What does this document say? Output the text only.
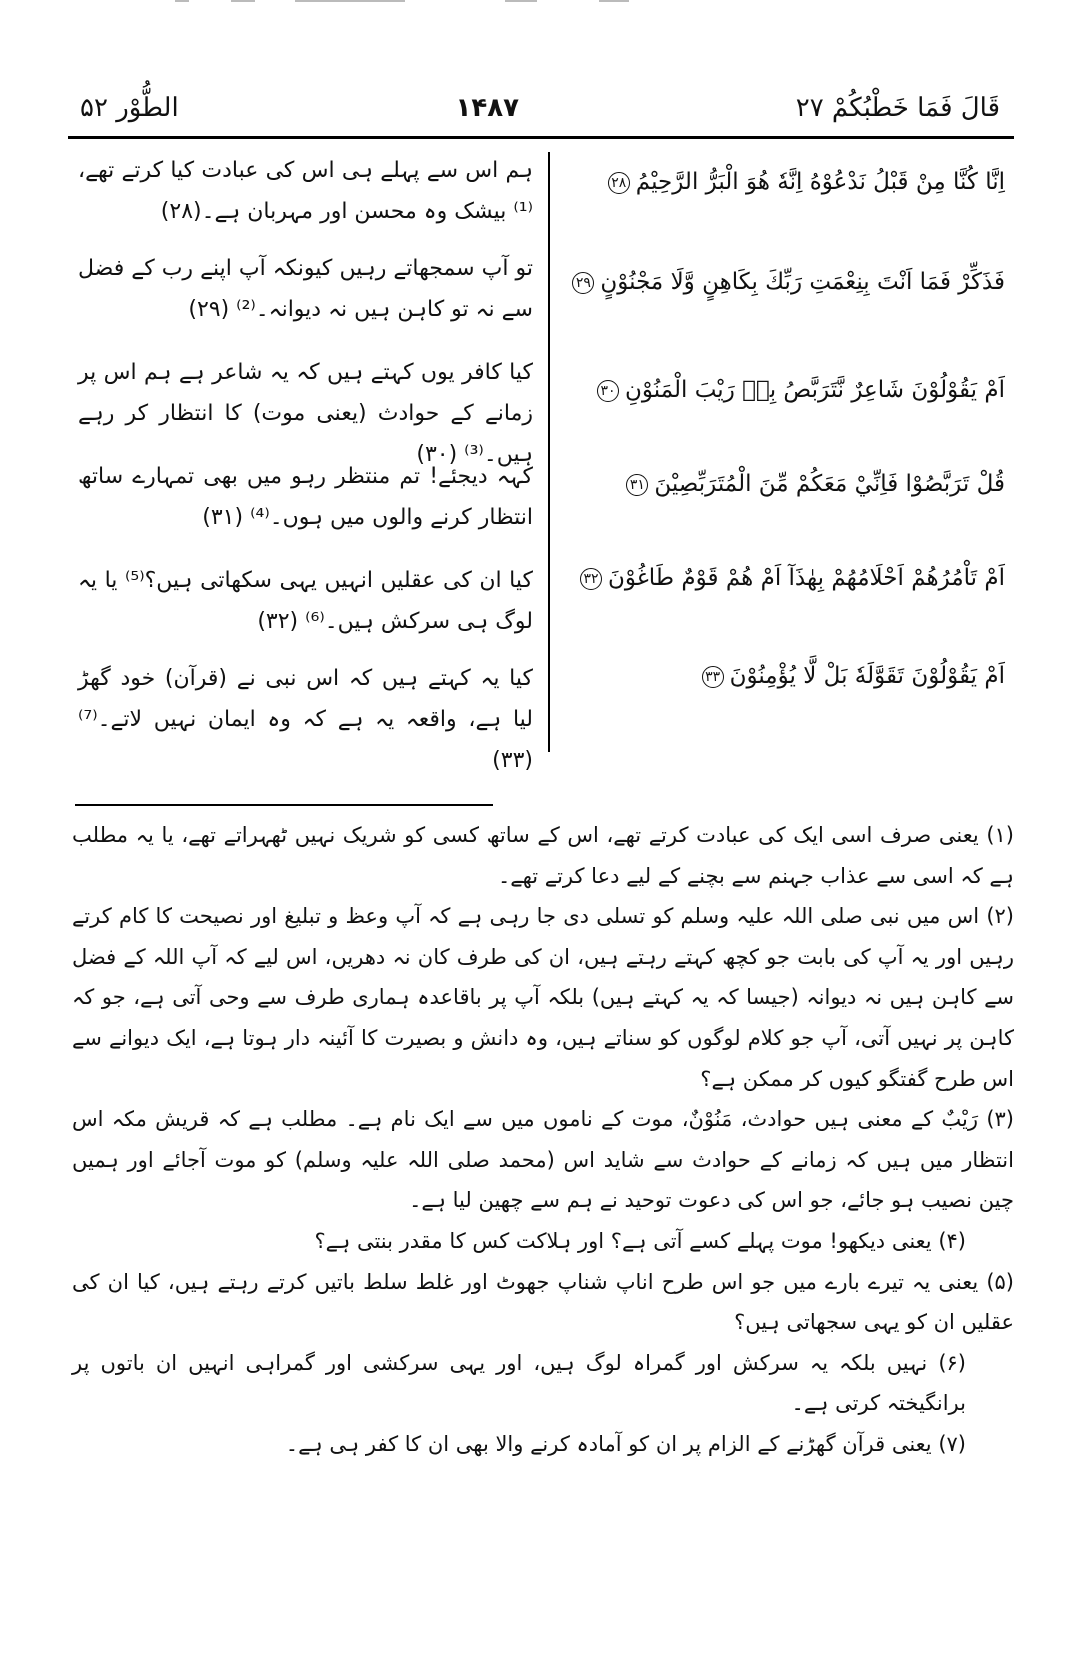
قَالَ فَمَا خَطْبُكُمْ ٢٧
۱۴۸۷
الطُّوْر ۵۲
اِنَّا كُنَّا مِنْ قَبْلُ نَدْعُوْهُ اِنَّهٗ هُوَ الْبَرُّ الرَّحِيْمُ٢٨
فَذَكِّرْ فَمَا اَنْتَ بِنِعْمَتِ رَبِّكَ بِكَاهِنٍ وَّلَا مَجْنُوْنٍ٢٩
اَمْ يَقُوْلُوْنَ شَاعِرٌ نَّتَرَبَّصُ بِهٖ رَيْبَ الْمَنُوْنِ٣٠
قُلْ تَرَبَّصُوْا فَاِنِّيْ مَعَكُمْ مِّنَ الْمُتَرَبِّصِيْنَ٣١
اَمْ تَاْمُرُهُمْ اَحْلَامُهُمْ بِهٰذَآ اَمْ هُمْ قَوْمٌ طَاغُوْنَ٣٢
اَمْ يَقُوْلُوْنَ تَقَوَّلَهٗ بَلْ لَّا يُؤْمِنُوْنَ٣٣
ہم اس سے پہلے ہی اس کی عبادت کیا کرتے تھے،⁽¹⁾ بیشک وہ محسن اور مہربان ہے۔(۲۸)
تو آپ سمجھاتے رہیں کیونکہ آپ اپنے رب کے فضل سے نہ تو کاہن ہیں نہ دیوانہ۔⁽²⁾ (۲۹)
کیا کافر یوں کہتے ہیں کہ یہ شاعر ہے ہم اس پر زمانے کے حوادث (یعنی موت) کا انتظار کر رہے ہیں۔⁽³⁾ (۳۰)
کہہ دیجئے! تم منتظر رہو میں بھی تمہارے ساتھ انتظار کرنے والوں میں ہوں۔⁽⁴⁾ (۳۱)
کیا ان کی عقلیں انہیں یہی سکھاتی ہیں؟⁽⁵⁾ یا یہ لوگ ہی سرکش ہیں۔⁽⁶⁾ (۳۲)
کیا یہ کہتے ہیں کہ اس نبی نے (قرآن) خود گھڑ لیا ہے، واقعہ یہ ہے کہ وہ ایمان نہیں لاتے۔⁽⁷⁾ (۳۳)

(۱) یعنی صرف اسی ایک کی عبادت کرتے تھے، اس کے ساتھ کسی کو شریک نہیں ٹھہراتے تھے، یا یہ مطلب ہے کہ اسی سے عذاب جہنم سے بچنے کے لیے دعا کرتے تھے۔

(۲) اس میں نبی صلی اللہ علیہ وسلم کو تسلی دی جا رہی ہے کہ آپ وعظ و تبلیغ اور نصیحت کا کام کرتے رہیں اور یہ آپ کی بابت جو کچھ کہتے رہتے ہیں، ان کی طرف کان نہ دھریں، اس لیے کہ آپ اللہ کے فضل سے کاہن ہیں نہ دیوانہ (جیسا کہ یہ کہتے ہیں) بلکہ آپ پر باقاعدہ ہماری طرف سے وحی آتی ہے، جو کہ کاہن پر نہیں آتی، آپ جو کلام لوگوں کو سناتے ہیں، وہ دانش و بصیرت کا آئینہ دار ہوتا ہے، ایک دیوانے سے اس طرح گفتگو کیوں کر ممکن ہے؟

(۳) رَیْبٌ کے معنی ہیں حوادث، مَنُوْنٌ، موت کے ناموں میں سے ایک نام ہے۔ مطلب ہے کہ قریش مکہ اس انتظار میں ہیں کہ زمانے کے حوادث سے شاید اس (محمد صلی اللہ علیہ وسلم) کو موت آجائے اور ہمیں چین نصیب ہو جائے، جو اس کی دعوت توحید نے ہم سے چھین لیا ہے۔

(۴) یعنی دیکھو! موت پہلے کسے آتی ہے؟ اور ہلاکت کس کا مقدر بنتی ہے؟

(۵) یعنی یہ تیرے بارے میں جو اس طرح اناپ شناپ جھوٹ اور غلط سلط باتیں کرتے رہتے ہیں، کیا ان کی عقلیں ان کو یہی سجھاتی ہیں؟

(۶) نہیں بلکہ یہ سرکش اور گمراہ لوگ ہیں، اور یہی سرکشی اور گمراہی انہیں ان باتوں پر برانگیختہ کرتی ہے۔

(۷) یعنی قرآن گھڑنے کے الزام پر ان کو آمادہ کرنے والا بھی ان کا کفر ہی ہے۔
